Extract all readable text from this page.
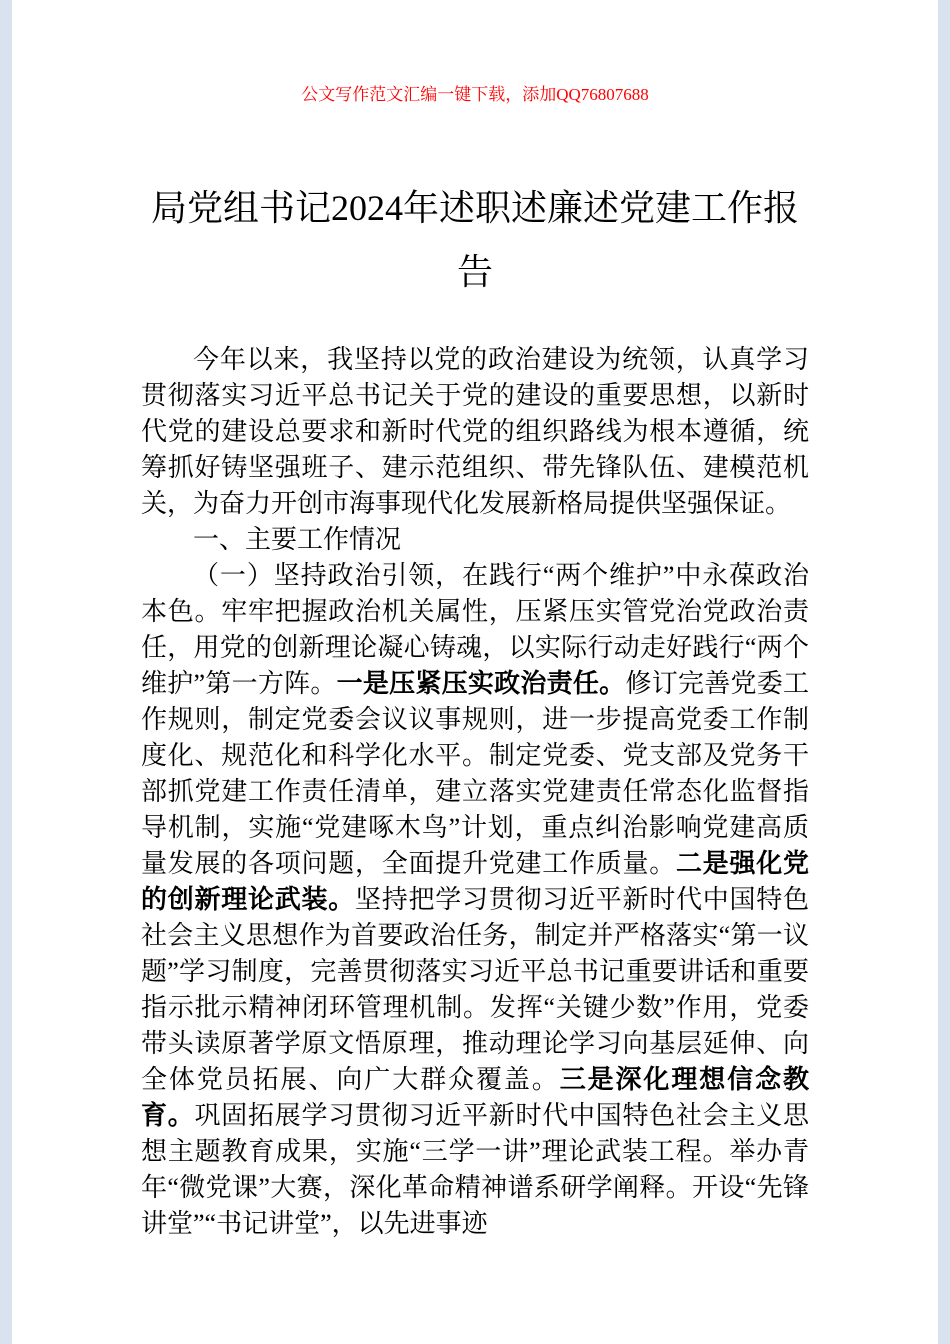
公文写作范文汇编一键下载，添加QQ76807688
局党组书记2024年述职述廉述党建工作报告

今年以来，我坚持以党的政治建设为统领，认真学习贯彻落实习近平总书记关于党的建设的重要思想，以新时代党的建设总要求和新时代党的组织路线为根本遵循，统筹抓好铸坚强班子、建示范组织、带先锋队伍、建模范机关，为奋力开创市海事现代化发展新格局提供坚强保证。

一、主要工作情况

（一）坚持政治引领，在践行“两个维护”中永葆政治本色。牢牢把握政治机关属性，压紧压实管党治党政治责任，用党的创新理论凝心铸魂，以实际行动走好践行“两个维护”第一方阵。一是压紧压实政治责任。修订完善党委工作规则，制定党委会议议事规则，进一步提高党委工作制度化、规范化和科学化水平。制定党委、党支部及党务干部抓党建工作责任清单，建立落实党建责任常态化监督指导机制，实施“党建啄木鸟”计划，重点纠治影响党建高质量发展的各项问题，全面提升党建工作质量。二是强化党的创新理论武装。坚持把学习贯彻习近平新时代中国特色社会主义思想作为首要政治任务，制定并严格落实“第一议题”学习制度，完善贯彻落实习近平总书记重要讲话和重要指示批示精神闭环管理机制。发挥“关键少数”作用，党委带头读原著学原文悟原理，推动理论学习向基层延伸、向全体党员拓展、向广大群众覆盖。三是深化理想信念教育。巩固拓展学习贯彻习近平新时代中国特色社会主义思想主题教育成果，实施“三学一讲”理论武装工程。举办青年“微党课”大赛，深化革命精神谱系研学阐释。开设“先锋讲堂”“书记讲堂”，以先进事迹
